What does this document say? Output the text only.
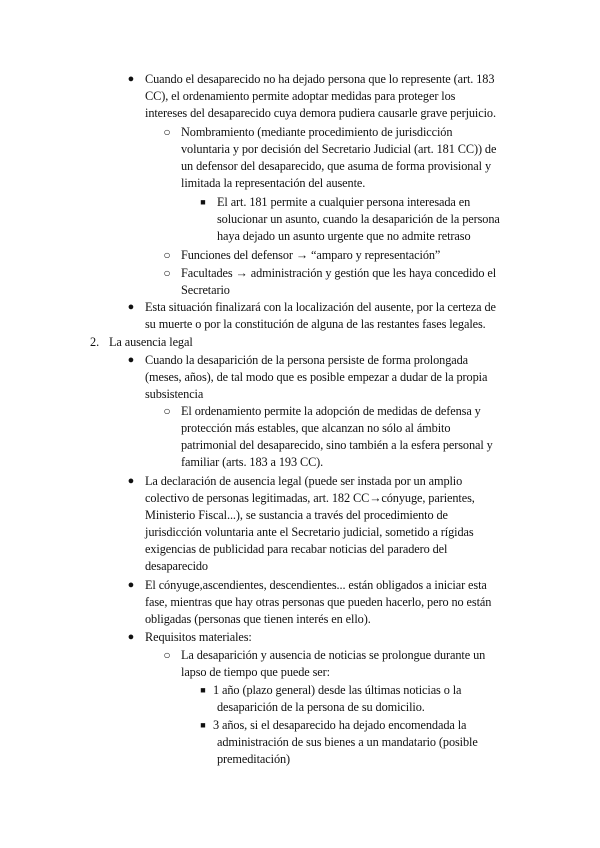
● Cuando el desaparecido no ha dejado persona que lo represente (art. 183
CC), el ordenamiento permite adoptar medidas para proteger los
intereses del desaparecido cuya demora pudiera causarle grave perjuicio.
○ Nombramiento (mediante procedimiento de jurisdicción
voluntaria y por decisión del Secretario Judicial (art. 181 CC)) de
un defensor del desaparecido, que asuma de forma provisional y
limitada la representación del ausente.
■ El art. 181 permite a cualquier persona interesada en
solucionar un asunto, cuando la desaparición de la persona
haya dejado un asunto urgente que no admite retraso
○ Funciones del defensor → “amparo y representación”
○ Facultades → administración y gestión que les haya concedido el
Secretario
● Esta situación finalizará con la localización del ausente, por la certeza de
su muerte o por la constitución de alguna de las restantes fases legales.
2. La ausencia legal
● Cuando la desaparición de la persona persiste de forma prolongada
(meses, años), de tal modo que es posible empezar a dudar de la propia
subsistencia
○ El ordenamiento permite la adopción de medidas de defensa y
protección más estables, que alcanzan no sólo al ámbito
patrimonial del desaparecido, sino también a la esfera personal y
familiar (arts. 183 a 193 CC).
● La declaración de ausencia legal (puede ser instada por un amplio
colectivo de personas legitimadas, art. 182 CC→cónyuge, parientes,
Ministerio Fiscal...), se sustancia a través del procedimiento de
jurisdicción voluntaria ante el Secretario judicial, sometido a rígidas
exigencias de publicidad para recabar noticias del paradero del
desaparecido
● El cónyuge,ascendientes, descendientes... están obligados a iniciar esta
fase, mientras que hay otras personas que pueden hacerlo, pero no están
obligadas (personas que tienen interés en ello).
● Requisitos materiales:
○ La desaparición y ausencia de noticias se prolongue durante un
lapso de tiempo que puede ser:
■ 1 año (plazo general) desde las últimas noticias o la
desaparición de la persona de su domicilio.
■ 3 años, si el desaparecido ha dejado encomendada la
administración de sus bienes a un mandatario (posible
premeditación)
